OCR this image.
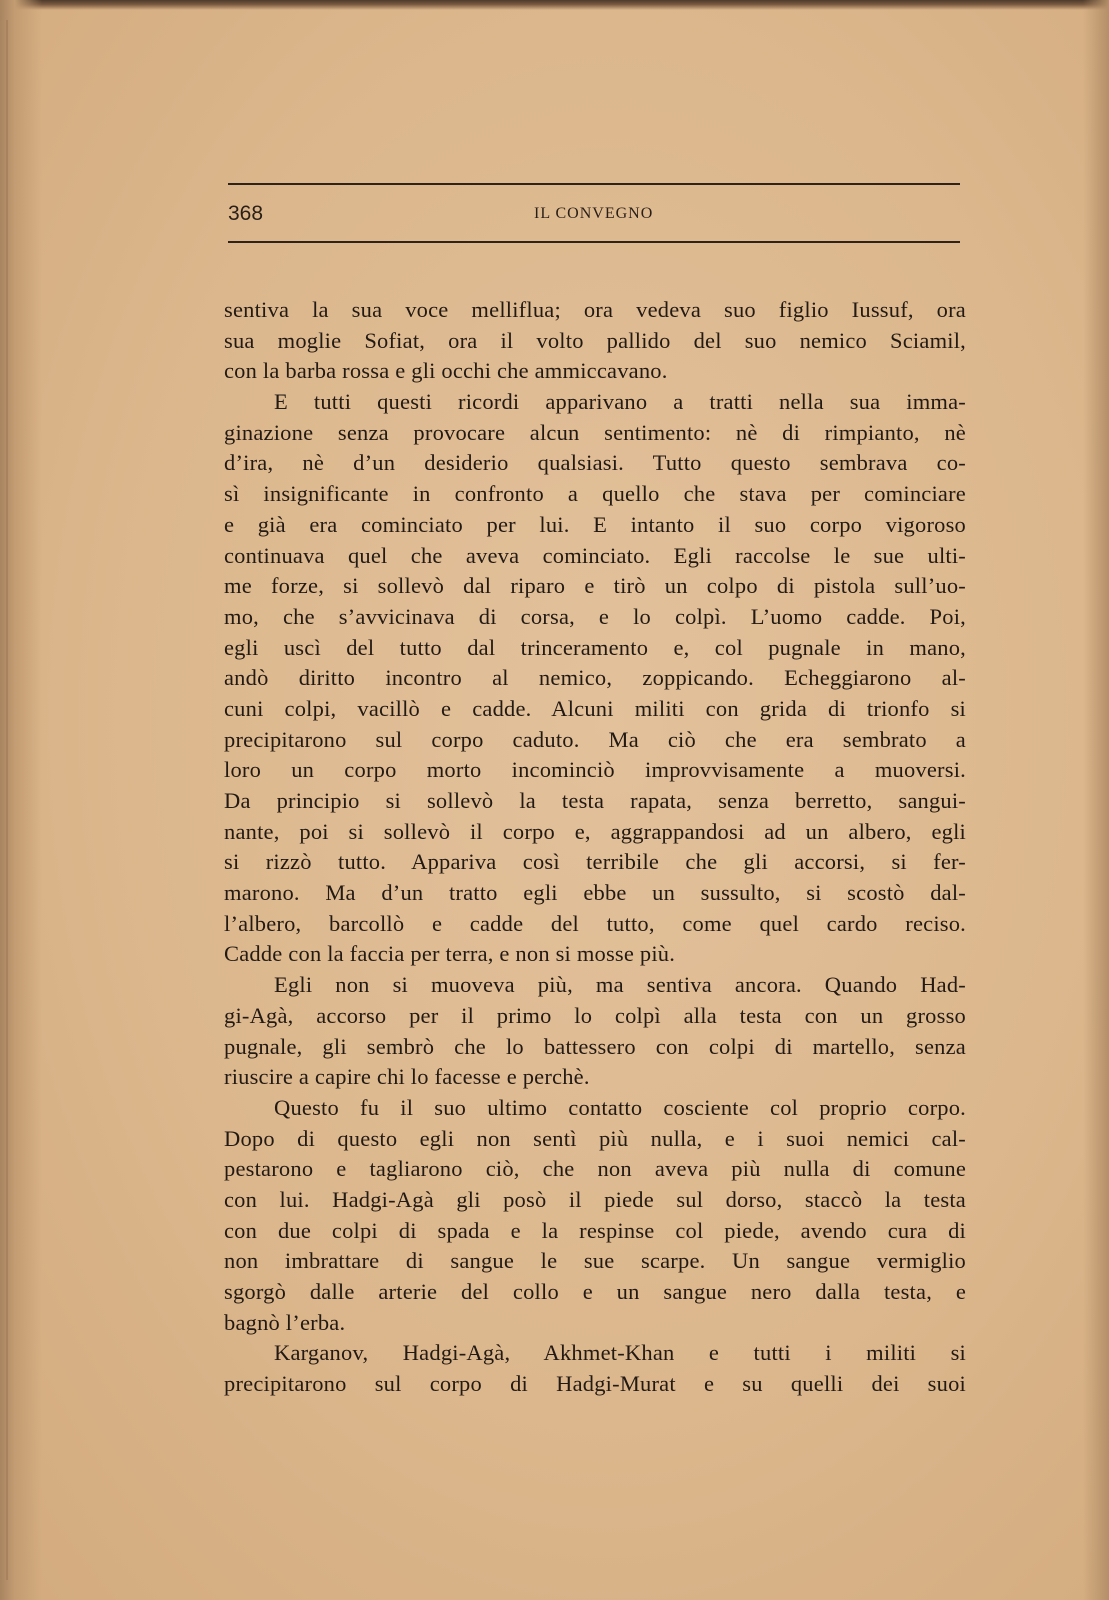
368	IL CONVEGNO
sentiva la sua voce melliflua; ora vedeva suo figlio Iussuf, ora
sua moglie Sofiat, ora il volto pallido del suo nemico Sciamil,
con la barba rossa e gli occhi che ammiccavano.
E tutti questi ricordi apparivano a tratti nella sua imma-
ginazione senza provocare alcun sentimento: nè di rimpianto, nè
d’ira, nè d’un desiderio qualsiasi. Tutto questo sembrava co-
sì insignificante in confronto a quello che stava per cominciare
e già era cominciato per lui. E intanto il suo corpo vigoroso
continuava quel che aveva cominciato. Egli raccolse le sue ulti-
me forze, si sollevò dal riparo e tirò un colpo di pistola sull’uo-
mo, che s’avvicinava di corsa, e lo colpì. L’uomo cadde. Poi,
egli uscì del tutto dal trinceramento e, col pugnale in mano,
andò diritto incontro al nemico, zoppicando. Echeggiarono al-
cuni colpi, vacillò e cadde. Alcuni militi con grida di trionfo si
precipitarono sul corpo caduto. Ma ciò che era sembrato a
loro un corpo morto incominciò improvvisamente a muoversi.
Da principio si sollevò la testa rapata, senza berretto, sangui-
nante, poi si sollevò il corpo e, aggrappandosi ad un albero, egli
si rizzò tutto. Appariva così terribile che gli accorsi, si fer-
marono. Ma d’un tratto egli ebbe un sussulto, si scostò dal-
l’albero, barcollò e cadde del tutto, come quel cardo reciso.
Cadde con la faccia per terra, e non si mosse più.
Egli non si muoveva più, ma sentiva ancora. Quando Had-
gi-Agà, accorso per il primo lo colpì alla testa con un grosso
pugnale, gli sembrò che lo battessero con colpi di martello, senza
riuscire a capire chi lo facesse e perchè.
Questo fu il suo ultimo contatto cosciente col proprio corpo.
Dopo di questo egli non sentì più nulla, e i suoi nemici cal-
pestarono e tagliarono ciò, che non aveva più nulla di comune
con lui. Hadgi-Agà gli posò il piede sul dorso, staccò la testa
con due colpi di spada e la respinse col piede, avendo cura di
non imbrattare di sangue le sue scarpe. Un sangue vermiglio
sgorgò dalle arterie del collo e un sangue nero dalla testa, e
bagnò l’erba.
Karganov, Hadgi-Agà, Akhmet-Khan e tutti i militi si
precipitarono sul corpo di Hadgi-Murat e su quelli dei suoi
